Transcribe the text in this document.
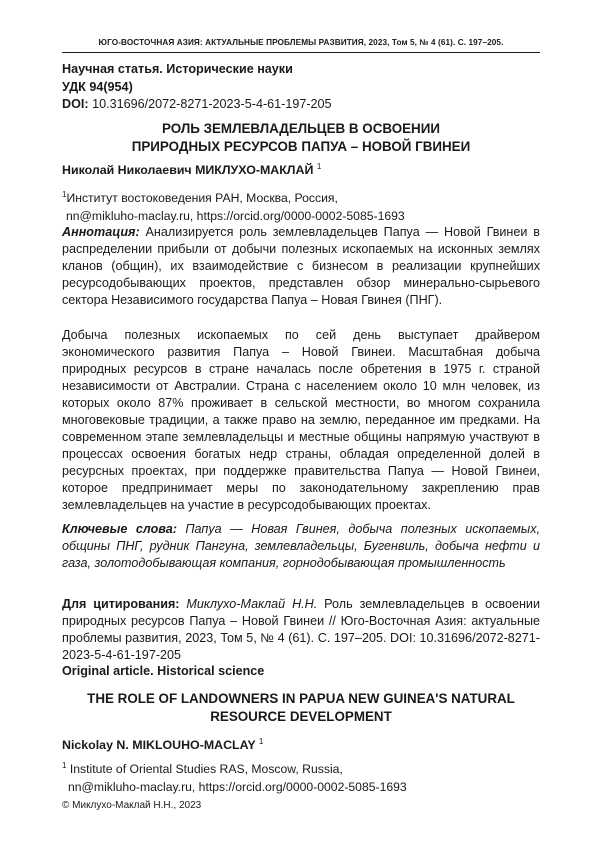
ЮГО-ВОСТОЧНАЯ АЗИЯ: АКТУАЛЬНЫЕ ПРОБЛЕМЫ РАЗВИТИЯ, 2023, Том 5, № 4 (61). С. 197–205.
Научная статья. Исторические науки
УДК 94(954)
DOI: 10.31696/2072-8271-2023-5-4-61-197-205
РОЛЬ ЗЕМЛЕВЛАДЕЛЬЦЕВ В ОСВОЕНИИ
ПРИРОДНЫХ РЕСУРСОВ ПАПУА – НОВОЙ ГВИНЕИ
Николай Николаевич МИКЛУХО-МАКЛАЙ $^1$
$^1$Институт востоковедения РАН, Москва, Россия,
nn@mikluho-maclay.ru, https://orcid.org/0000-0002-5085-1693
Аннотация: Анализируется роль землевладельцев Папуа — Новой Гвинеи в распределении прибыли от добычи полезных ископаемых на исконных землях кланов (общин), их взаимодействие с бизнесом в реализации крупнейших ресурсодобывающих проектов, представлен обзор минерально-сырьевого сектора Независимого государства Папуа – Новая Гвинея (ПНГ).
Добыча полезных ископаемых по сей день выступает драйвером экономического развития Папуа – Новой Гвинеи. Масштабная добыча природных ресурсов в стране началась после обретения в 1975 г. страной независимости от Австралии. Страна с населением около 10 млн человек, из которых около 87% проживает в сельской местности, во многом сохранила многовековые традиции, а также право на землю, переданное им предками. На современном этапе землевладельцы и местные общины напрямую участвуют в процессах освоения богатых недр страны, обладая определенной долей в ресурсных проектах, при поддержке правительства Папуа — Новой Гвинеи, которое предпринимает меры по законодательному закреплению прав землевладельцев на участие в ресурсодобывающих проектах.
Ключевые слова: Папуа — Новая Гвинея, добыча полезных ископаемых, общины ПНГ, рудник Пангуна, землевладельцы, Бугенвиль, добыча нефти и газа, золотодобывающая компания, горнодобывающая промышленность
Для цитирования: Миклухо-Маклай Н.Н. Роль землевладельцев в освоении природных ресурсов Папуа – Новой Гвинеи // Юго-Восточная Азия: актуальные проблемы развития, 2023, Том 5, № 4 (61). С. 197–205. DOI: 10.31696/2072-8271-2023-5-4-61-197-205
Original article. Historical science
THE ROLE OF LANDOWNERS IN PAPUA NEW GUINEA'S NATURAL
RESOURCE DEVELOPMENT
Nickolay N. MIKLOUHO-MACLAY $^1$
$^1$ Institute of Oriental Studies RAS, Moscow, Russia,
nn@mikluho-maclay.ru, https://orcid.org/0000-0002-5085-1693
© Миклухо-Маклай Н.Н., 2023
